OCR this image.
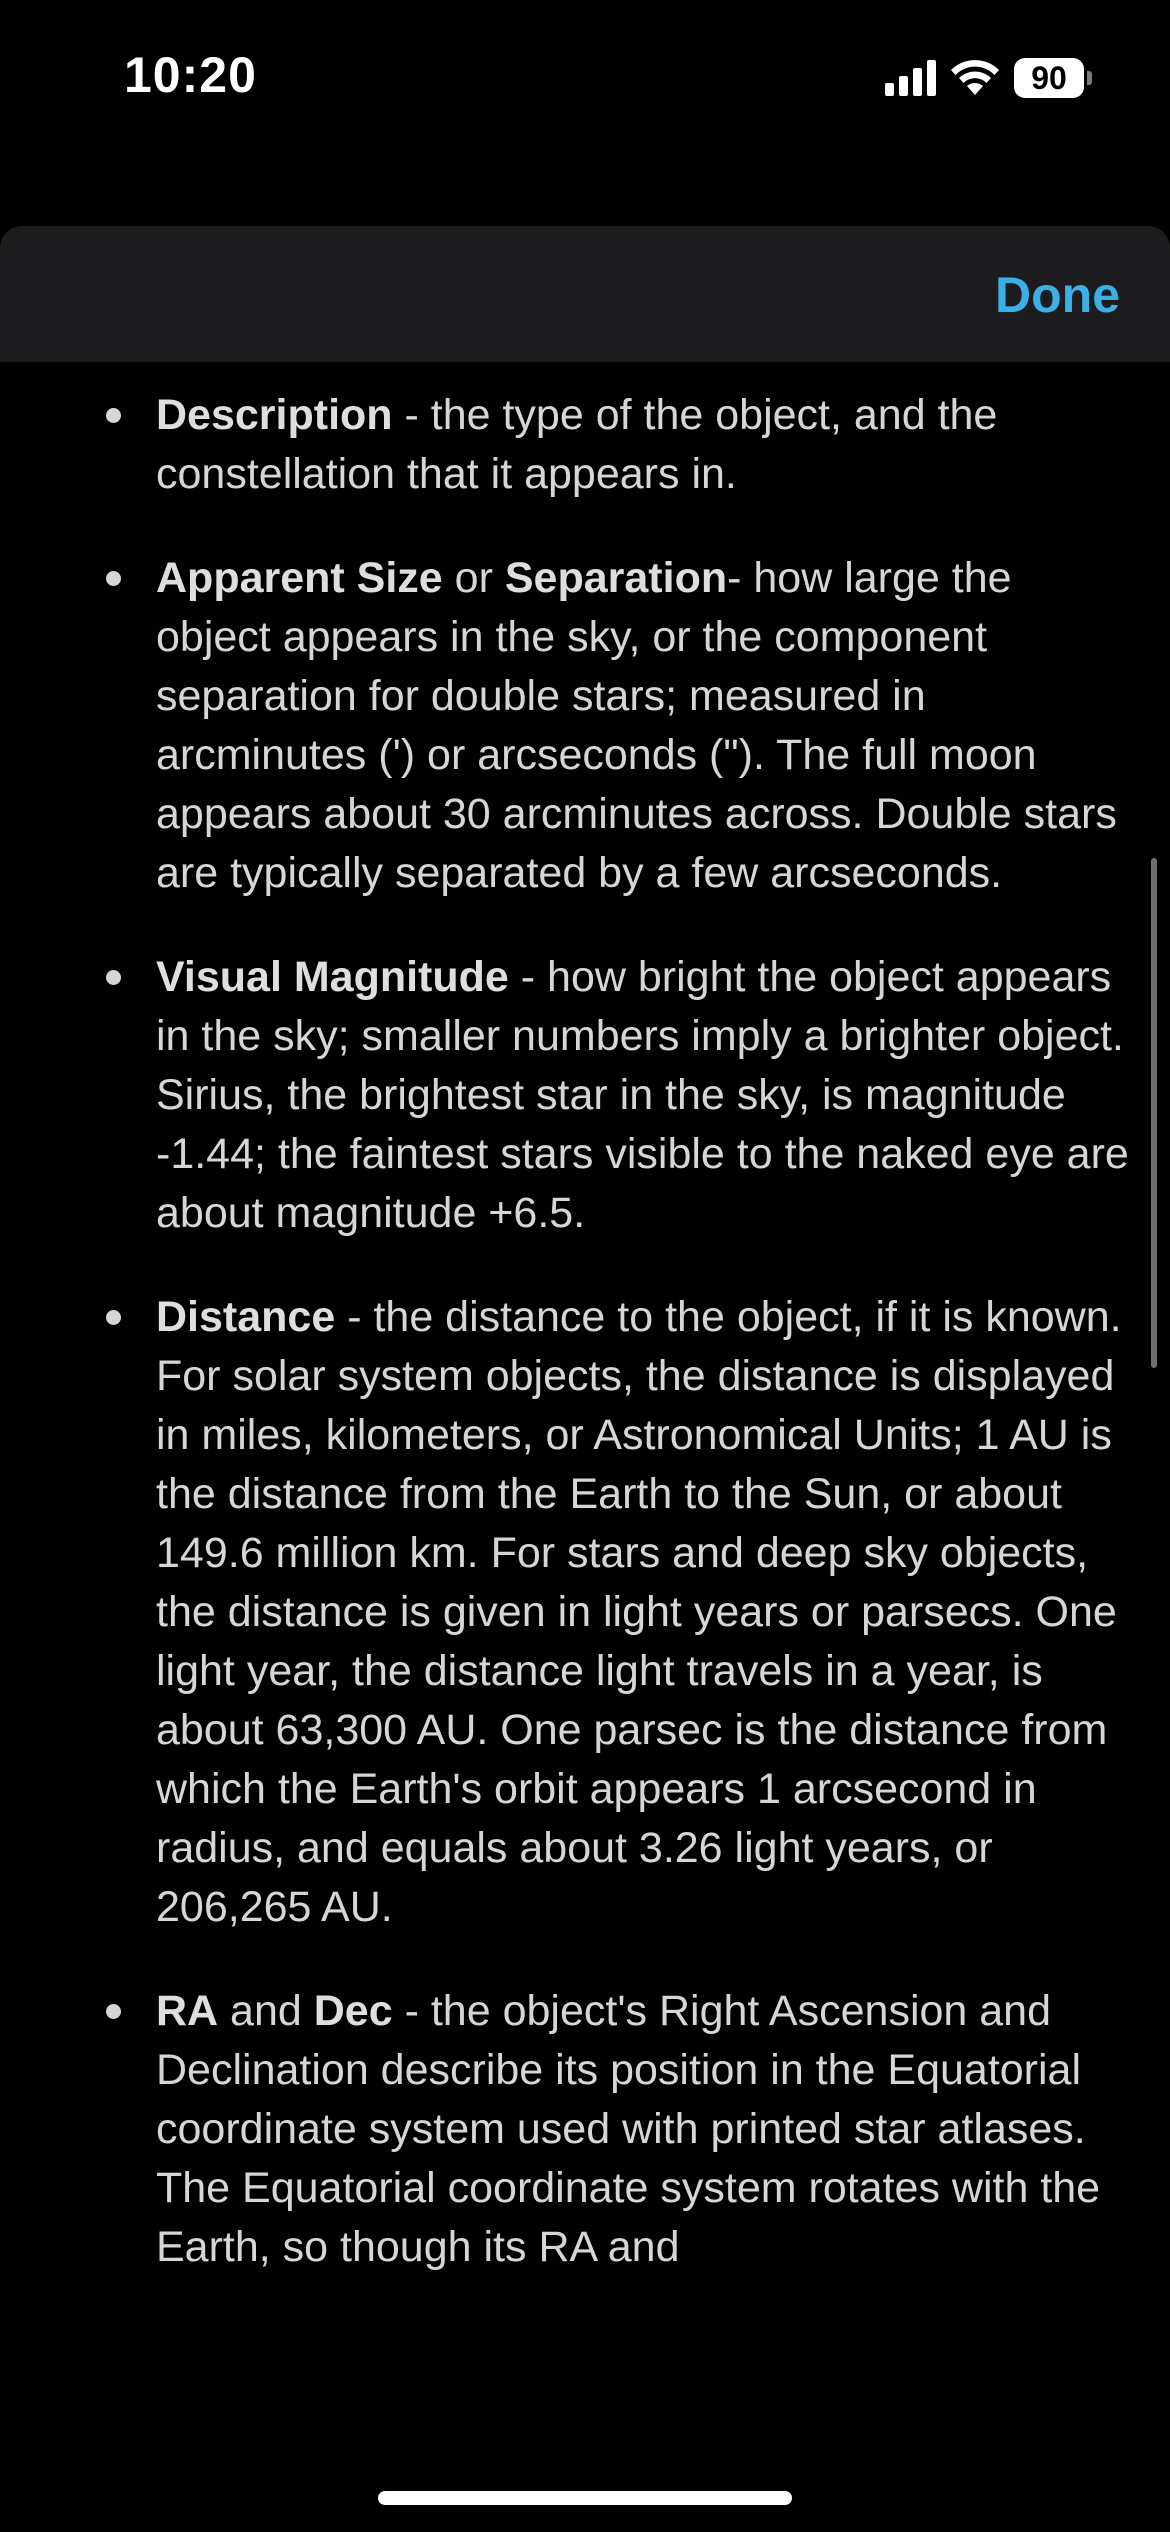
10:20	90
Done
Description - the type of the object, and the constellation that it appears in.
Apparent Size or Separation- how large the object appears in the sky, or the component separation for double stars; measured in arcminutes (') or arcseconds ("). The full moon appears about 30 arcminutes across. Double stars are typically separated by a few arcseconds.
Visual Magnitude - how bright the object appears in the sky; smaller numbers imply a brighter object. Sirius, the brightest star in the sky, is magnitude -1.44; the faintest stars visible to the naked eye are about magnitude +6.5.
Distance - the distance to the object, if it is known. For solar system objects, the distance is displayed in miles, kilometers, or Astronomical Units; 1 AU is the distance from the Earth to the Sun, or about 149.6 million km. For stars and deep sky objects, the distance is given in light years or parsecs. One light year, the distance light travels in a year, is about 63,300 AU. One parsec is the distance from which the Earth's orbit appears 1 arcsecond in radius, and equals about 3.26 light years, or 206,265 AU.
RA and Dec - the object's Right Ascension and Declination describe its position in the Equatorial coordinate system used with printed star atlases. The Equatorial coordinate system rotates with the Earth, so though its RA and
